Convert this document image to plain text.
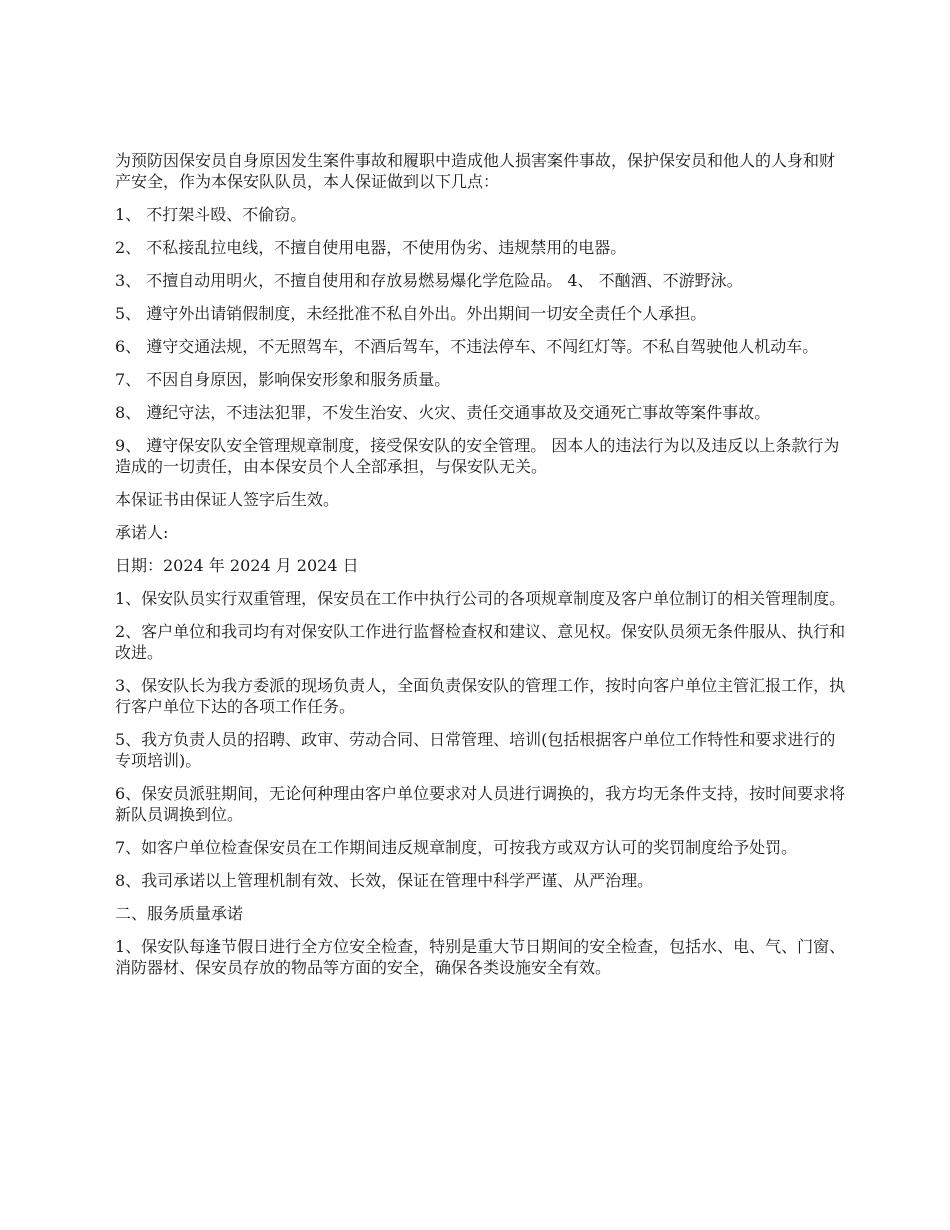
为预防因保安员自身原因发生案件事故和履职中造成他人损害案件事故，保护保安员和他人的人身和财产安全，作为本保安队队员，本人保证做到以下几点：

1、 不打架斗殴、不偷窃。

2、 不私接乱拉电线，不擅自使用电器，不使用伪劣、违规禁用的电器。

3、 不擅自动用明火，不擅自使用和存放易燃易爆化学危险品。 4、 不酗酒、不游野泳。

5、 遵守外出请销假制度，未经批准不私自外出。外出期间一切安全责任个人承担。

6、 遵守交通法规，不无照驾车，不酒后驾车，不违法停车、不闯红灯等。不私自驾驶他人机动车。

7、 不因自身原因，影响保安形象和服务质量。

8、 遵纪守法，不违法犯罪，不发生治安、火灾、责任交通事故及交通死亡事故等案件事故。

9、 遵守保安队安全管理规章制度，接受保安队的安全管理。 因本人的违法行为以及违反以上条款行为造成的一切责任，由本保安员个人全部承担，与保安队无关。

本保证书由保证人签字后生效。

承诺人:

日期：2024 年 2024 月 2024 日

1、保安队员实行双重管理，保安员在工作中执行公司的各项规章制度及客户单位制订的相关管理制度。

2、客户单位和我司均有对保安队工作进行监督检查权和建议、意见权。保安队员须无条件服从、执行和改进。

3、保安队长为我方委派的现场负责人，全面负责保安队的管理工作，按时向客户单位主管汇报工作，执行客户单位下达的各项工作任务。

5、我方负责人员的招聘、政审、劳动合同、日常管理、培训(包括根据客户单位工作特性和要求进行的专项培训)。

6、保安员派驻期间，无论何种理由客户单位要求对人员进行调换的，我方均无条件支持，按时间要求将新队员调换到位。

7、如客户单位检查保安员在工作期间违反规章制度，可按我方或双方认可的奖罚制度给予处罚。

8、我司承诺以上管理机制有效、长效，保证在管理中科学严谨、从严治理。

二、服务质量承诺

1、保安队每逢节假日进行全方位安全检查，特别是重大节日期间的安全检查，包括水、电、气、门窗、消防器材、保安员存放的物品等方面的安全，确保各类设施安全有效。
